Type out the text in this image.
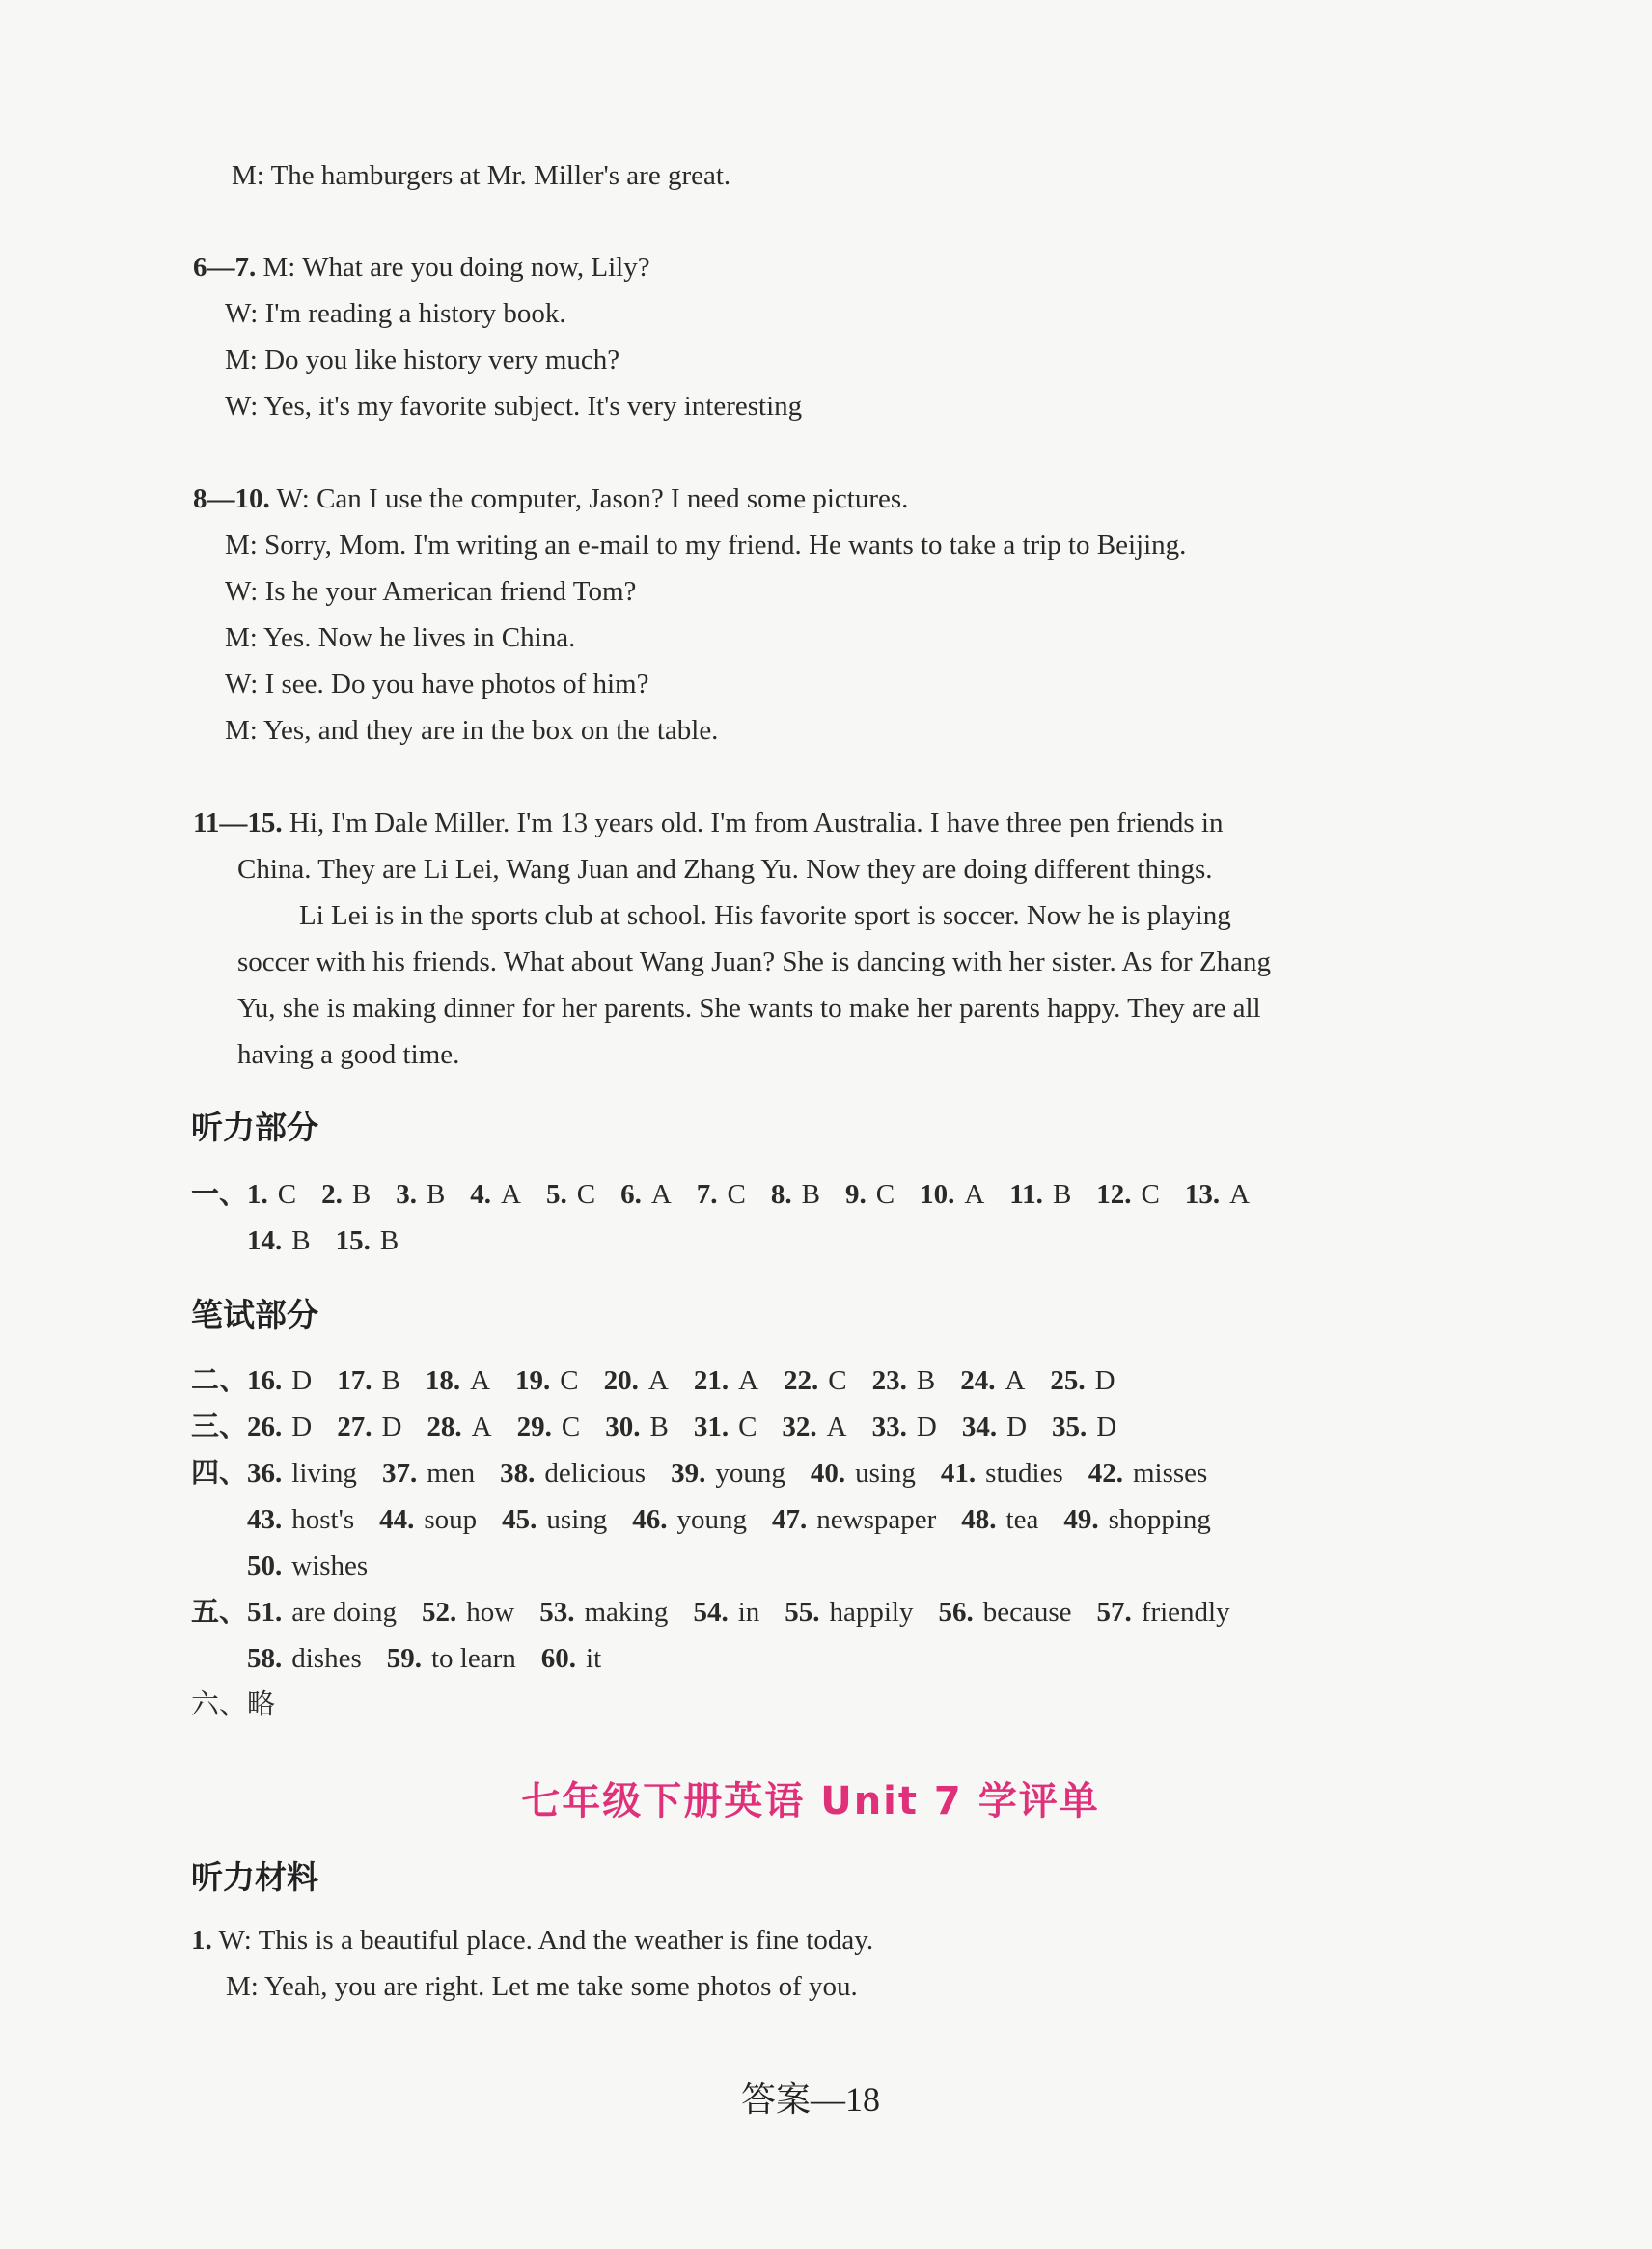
M: The hamburgers at Mr. Miller's are great.
6—7. M: What are you doing now, Lily?
W: I'm reading a history book.
M: Do you like history very much?
W: Yes, it's my favorite subject. It's very interesting
8—10. W: Can I use the computer, Jason? I need some pictures.
M: Sorry, Mom. I'm writing an e-mail to my friend. He wants to take a trip to Beijing.
W: Is he your American friend Tom?
M: Yes. Now he lives in China.
W: I see. Do you have photos of him?
M: Yes, and they are in the box on the table.
11—15. Hi, I'm Dale Miller. I'm 13 years old. I'm from Australia. I have three pen friends in
China. They are Li Lei, Wang Juan and Zhang Yu. Now they are doing different things.
Li Lei is in the sports club at school. His favorite sport is soccer. Now he is playing
soccer with his friends. What about Wang Juan? She is dancing with her sister. As for Zhang
Yu, she is making dinner for her parents. She wants to make her parents happy. They are all
having a good time.
听力部分
一、1. C 2. B 3. B 4. A 5. C 6. A 7. C 8. B 9. C 10. A 11. B 12. C 13. A
14. B 15. B
笔试部分
二、16. D 17. B 18. A 19. C 20. A 21. A 22. C 23. B 24. A 25. D
三、26. D 27. D 28. A 29. C 30. B 31. C 32. A 33. D 34. D 35. D
四、36. living 37. men 38. delicious 39. young 40. using 41. studies 42. misses
43. host's 44. soup 45. using 46. young 47. newspaper 48. tea 49. shopping
50. wishes
五、51. are doing 52. how 53. making 54. in 55. happily 56. because 57. friendly
58. dishes 59. to learn 60. it
六、略
七年级下册英语 Unit 7 学评单
听力材料
1. W: This is a beautiful place. And the weather is fine today.
M: Yeah, you are right. Let me take some photos of you.
答案—18
